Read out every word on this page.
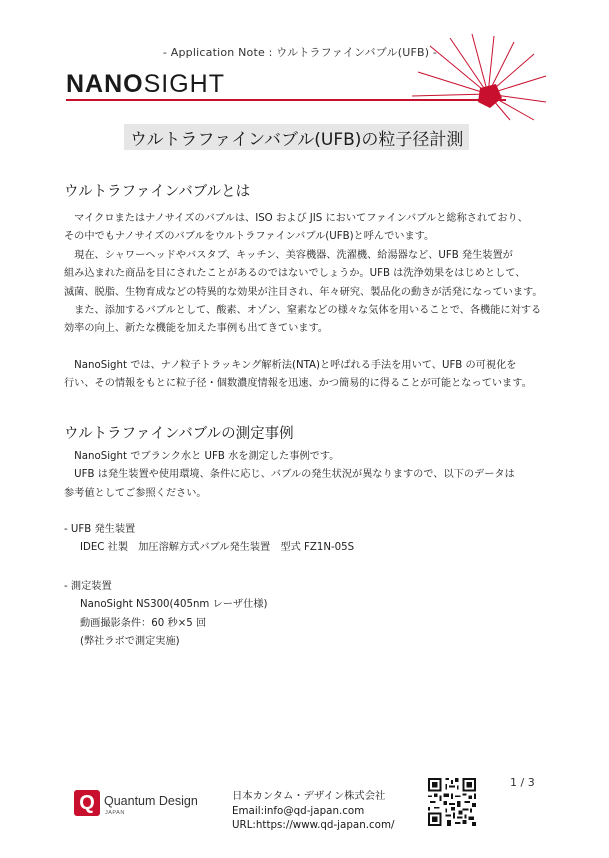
- Application Note : ウルトラファインバブル(UFB) -
NANOSIGHT
ウルトラファインバブル(UFB)の粒子径計測
ウルトラファインバブルとは
　マイクロまたはナノサイズのバブルは、ISO および JIS においてファインバブルと総称されており、
その中でもナノサイズのバブルをウルトラファインバブル(UFB)と呼んでいます。
　現在、シャワーヘッドやバスタブ、キッチン、美容機器、洗濯機、給湯器など、UFB 発生装置が
組み込まれた商品を目にされたことがあるのではないでしょうか。UFB は洗浄効果をはじめとして、
滅菌、脱脂、生物育成などの特異的な効果が注目され、年々研究、製品化の動きが活発になっています。
　また、添加するバブルとして、酸素、オゾン、窒素などの様々な気体を用いることで、各機能に対する
効率の向上、新たな機能を加えた事例も出てきています。
　NanoSight では、ナノ粒子トラッキング解析法(NTA)と呼ばれる手法を用いて、UFB の可視化を
行い、その情報をもとに粒子径・個数濃度情報を迅速、かつ簡易的に得ることが可能となっています。
ウルトラファインバブルの測定事例
　NanoSight でブランク水と UFB 水を測定した事例です。
　UFB は発生装置や使用環境、条件に応じ、バブルの発生状況が異なりますので、以下のデータは
参考値としてご参照ください。
- UFB 発生装置
IDEC 社製　加圧溶解方式バブル発生装置　型式 FZ1N-05S
- 測定装置
NanoSight NS300(405nm レーザ仕様)
動画撮影条件：60 秒×5 回
(弊社ラボで測定実施)
1 / 3
Q Quantum Design
JAPAN
日本カンタム・デザイン株式会社
Email:info@qd-japan.com
URL:https://www.qd-japan.com/
